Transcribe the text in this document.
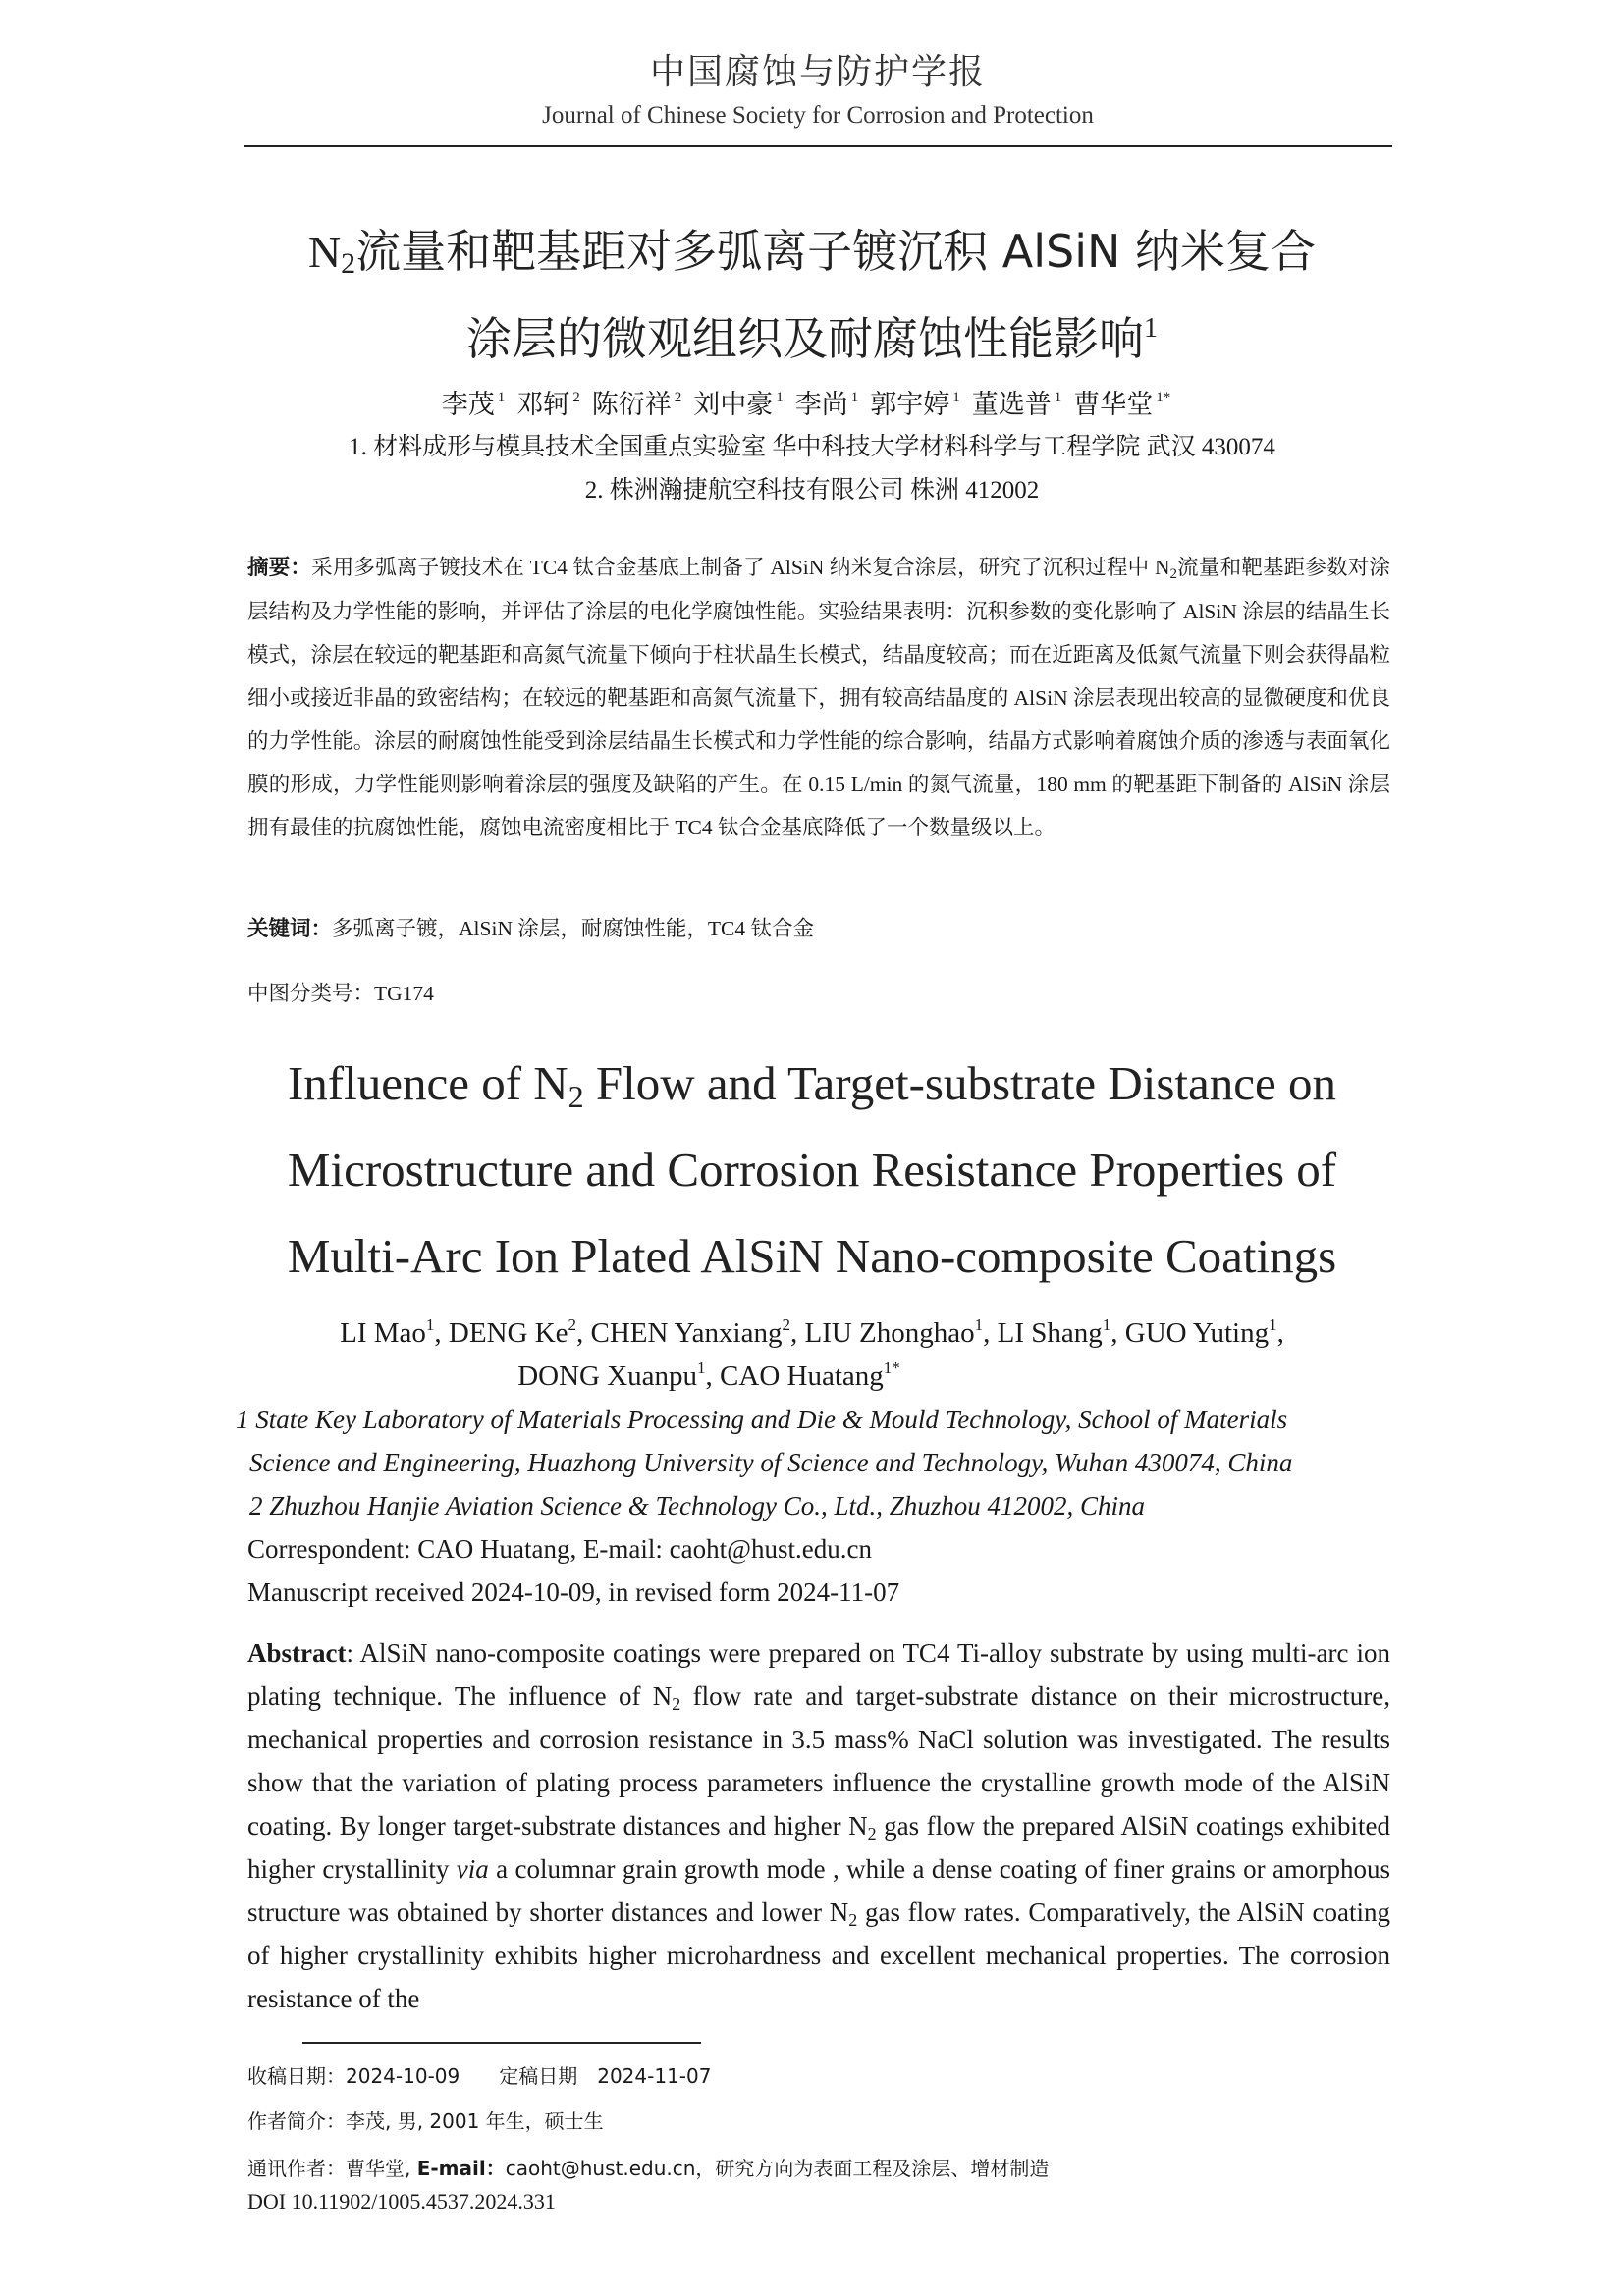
中国腐蚀与防护学报
Journal of Chinese Society for Corrosion and Protection
$N_2$流量和靶基距对多弧离子镀沉积 AlSiN 纳米复合
涂层的微观组织及耐腐蚀性能影响$^1$
李茂 $^1$ 邓轲 $^2$ 陈衍祥 $^2$ 刘中豪 $^1$ 李尚 $^1$ 郭宇婷 $^1$ 董选普 $^1$ 曹华堂 $^{1*}$
1. 材料成形与模具技术全国重点实验室 华中科技大学材料科学与工程学院 武汉 430074
2. 株洲瀚捷航空科技有限公司 株洲 412002
摘要：采用多弧离子镀技术在 TC4 钛合金基底上制备了 AlSiN 纳米复合涂层，研究了沉积过程中 $N_2$流量和靶基距参数对涂层结构及力学性能的影响，并评估了涂层的电化学腐蚀性能。实验结果表明：沉积参数的变化影响了 AlSiN 涂层的结晶生长模式，涂层在较远的靶基距和高氮气流量下倾向于柱状晶生长模式，结晶度较高；而在近距离及低氮气流量下则会获得晶粒细小或接近非晶的致密结构；在较远的靶基距和高氮气流量下，拥有较高结晶度的 AlSiN 涂层表现出较高的显微硬度和优良的力学性能。涂层的耐腐蚀性能受到涂层结晶生长模式和力学性能的综合影响，结晶方式影响着腐蚀介质的渗透与表面氧化膜的形成，力学性能则影响着涂层的强度及缺陷的产生。在 0.15 L/min 的氮气流量，180 mm 的靶基距下制备的 AlSiN 涂层拥有最佳的抗腐蚀性能，腐蚀电流密度相比于 TC4 钛合金基底降低了一个数量级以上。
关键词：多弧离子镀，AlSiN 涂层，耐腐蚀性能，TC4 钛合金
中图分类号：TG174
Influence of $N_2$ Flow and Target-substrate Distance on
Microstructure and Corrosion Resistance Properties of
Multi-Arc Ion Plated AlSiN Nano-composite Coatings
LI Mao$^1$, DENG Ke$^2$, CHEN Yanxiang$^2$, LIU Zhonghao$^1$, LI Shang$^1$, GUO Yuting$^1$,
DONG Xuanpu$^1$, CAO Huatang$^{1*}$
1 State Key Laboratory of Materials Processing and Die & Mould Technology, School of Materials
Science and Engineering, Huazhong University of Science and Technology, Wuhan 430074, China
2 Zhuzhou Hanjie Aviation Science & Technology Co., Ltd., Zhuzhou 412002, China
Correspondent: CAO Huatang, E-mail: caoht@hust.edu.cn
Manuscript received 2024-10-09, in revised form 2024-11-07
Abstract: AlSiN nano-composite coatings were prepared on TC4 Ti-alloy substrate by using multi-arc ion plating technique. The influence of $N_2$ flow rate and target-substrate distance on their microstructure, mechanical properties and corrosion resistance in 3.5 mass% NaCl solution was investigated. The results show that the variation of plating process parameters influence the crystalline growth mode of the AlSiN coating. By longer target-substrate distances and higher $N_2$ gas flow the prepared AlSiN coatings exhibited higher crystallinity via a columnar grain growth mode , while a dense coating of finer grains or amorphous structure was obtained by shorter distances and lower $N_2$ gas flow rates. Comparatively, the AlSiN coating of higher crystallinity exhibits higher microhardness and excellent mechanical properties. The corrosion resistance of the
收稿日期：2024-10-09　　定稿日期　2024-11-07
作者简介：李茂, 男, 2001 年生，硕士生
通讯作者：曹华堂, E-mail：caoht@hust.edu.cn，研究方向为表面工程及涂层、增材制造
DOI 10.11902/1005.4537.2024.331
